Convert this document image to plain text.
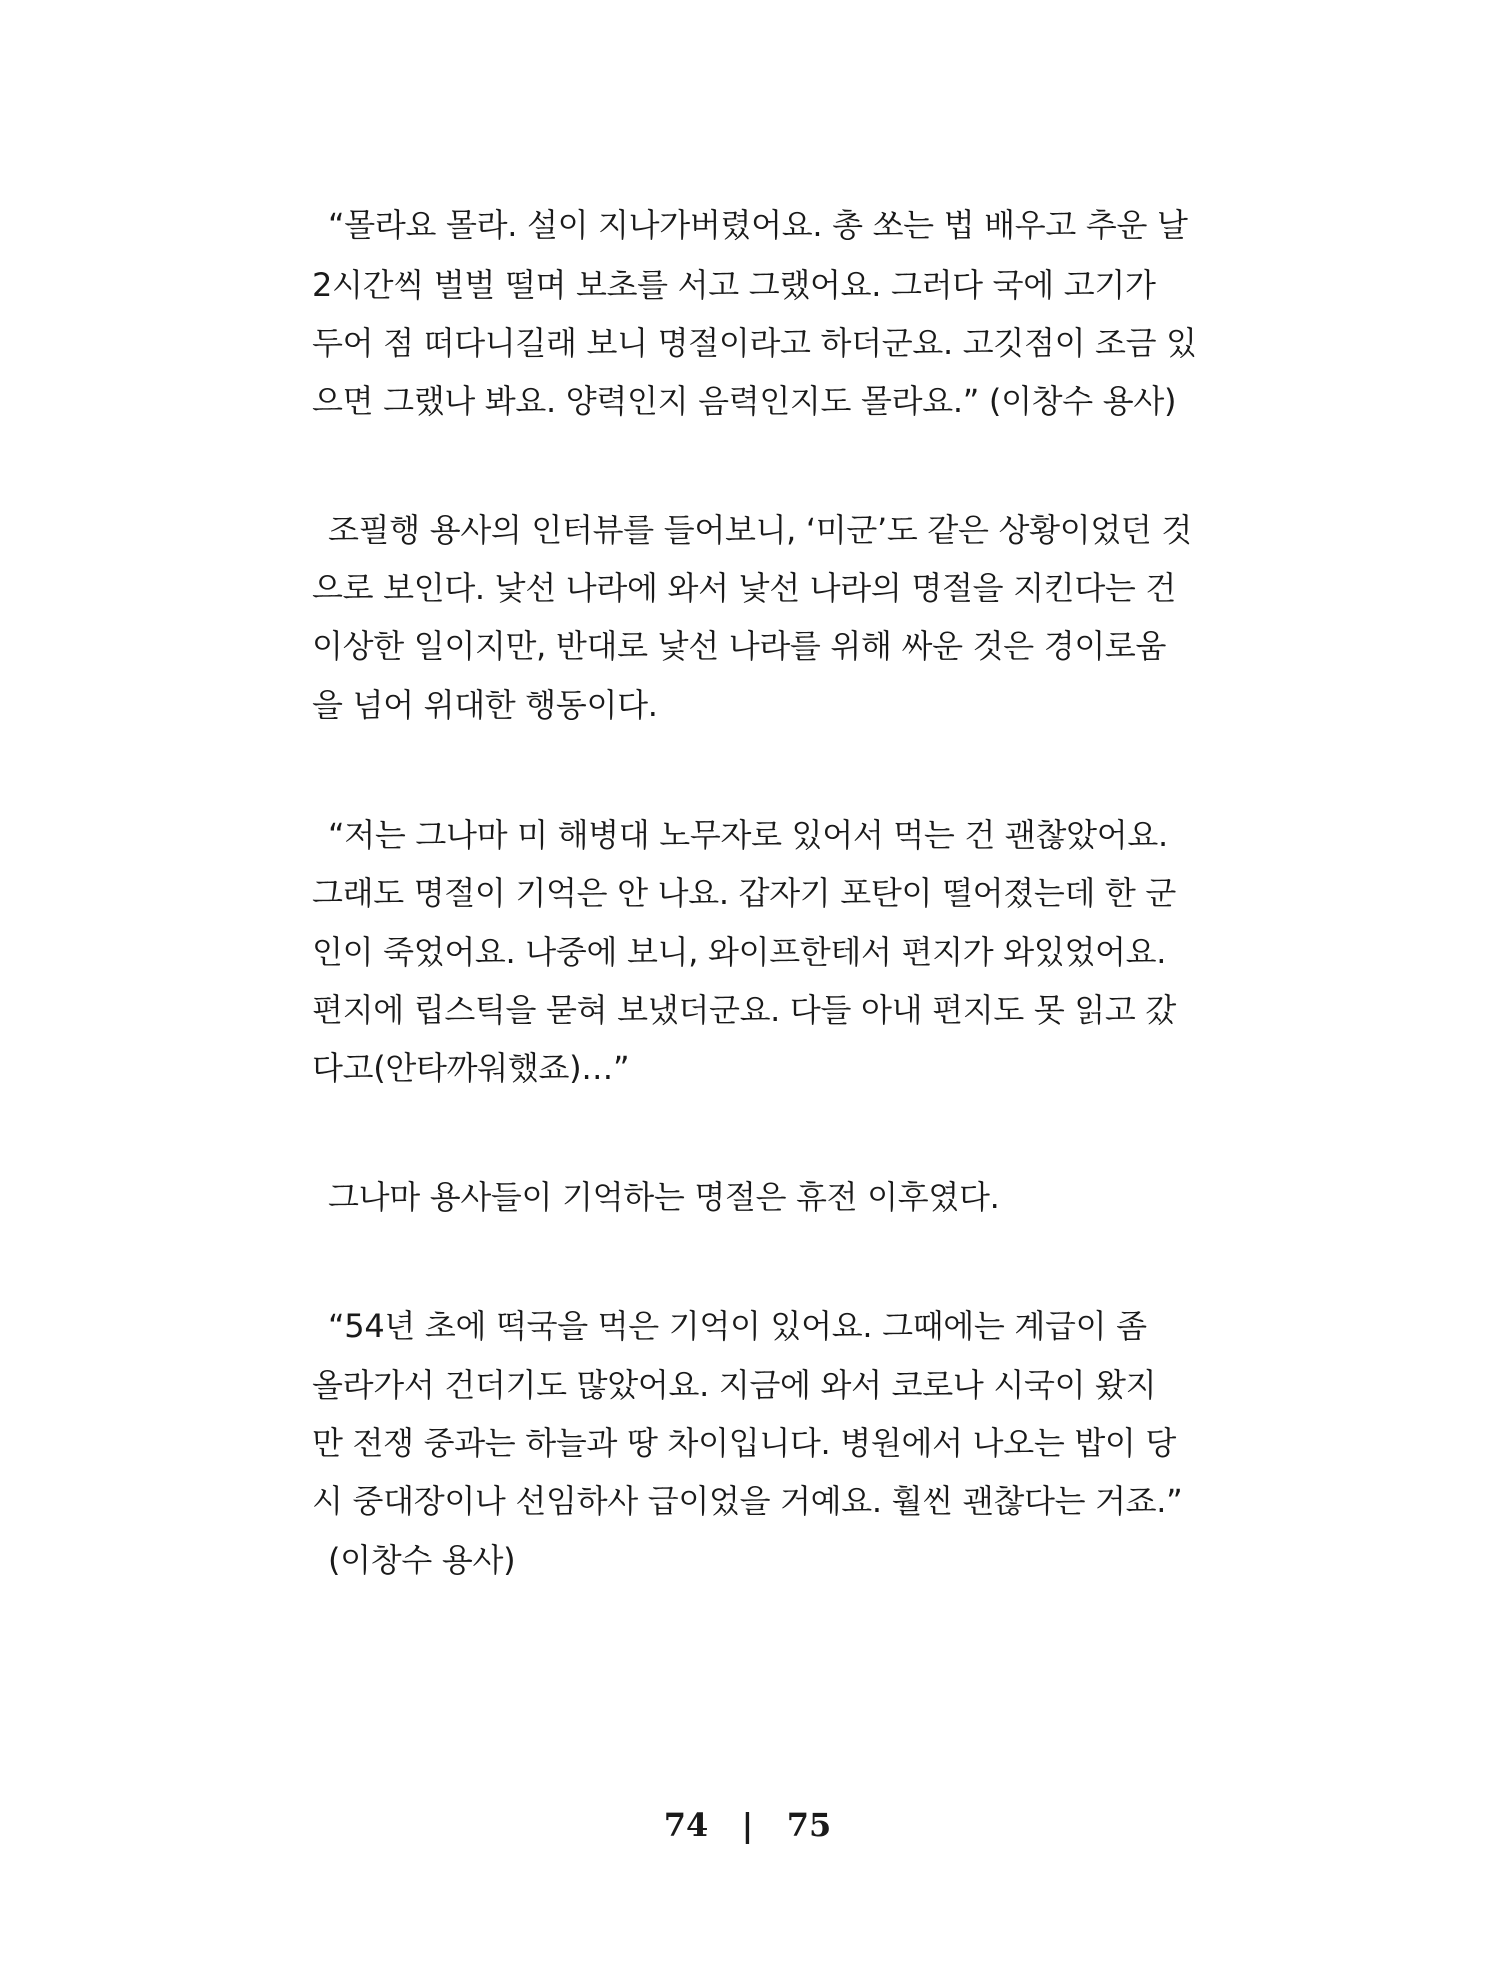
“몰라요 몰라. 설이 지나가버렸어요. 총 쏘는 법 배우고 추운 날
2시간씩 벌벌 떨며 보초를 서고 그랬어요. 그러다 국에 고기가
두어 점 떠다니길래 보니 명절이라고 하더군요. 고깃점이 조금 있
으면 그랬나 봐요. 양력인지 음력인지도 몰라요.” (이창수 용사)
조필행 용사의 인터뷰를 들어보니, ‘미군’도 같은 상황이었던 것
으로 보인다. 낯선 나라에 와서 낯선 나라의 명절을 지킨다는 건
이상한 일이지만, 반대로 낯선 나라를 위해 싸운 것은 경이로움
을 넘어 위대한 행동이다.
“저는 그나마 미 해병대 노무자로 있어서 먹는 건 괜찮았어요.
그래도 명절이 기억은 안 나요. 갑자기 포탄이 떨어졌는데 한 군
인이 죽었어요. 나중에 보니, 와이프한테서 편지가 와있었어요.
편지에 립스틱을 묻혀 보냈더군요. 다들 아내 편지도 못 읽고 갔
다고(안타까워했죠)…”
그나마 용사들이 기억하는 명절은 휴전 이후였다.
“54년 초에 떡국을 먹은 기억이 있어요. 그때에는 계급이 좀
올라가서 건더기도 많았어요. 지금에 와서 코로나 시국이 왔지
만 전쟁 중과는 하늘과 땅 차이입니다. 병원에서 나오는 밥이 당
시 중대장이나 선임하사 급이었을 거예요. 훨씬 괜찮다는 거죠.”
(이창수 용사)
74 | 75
